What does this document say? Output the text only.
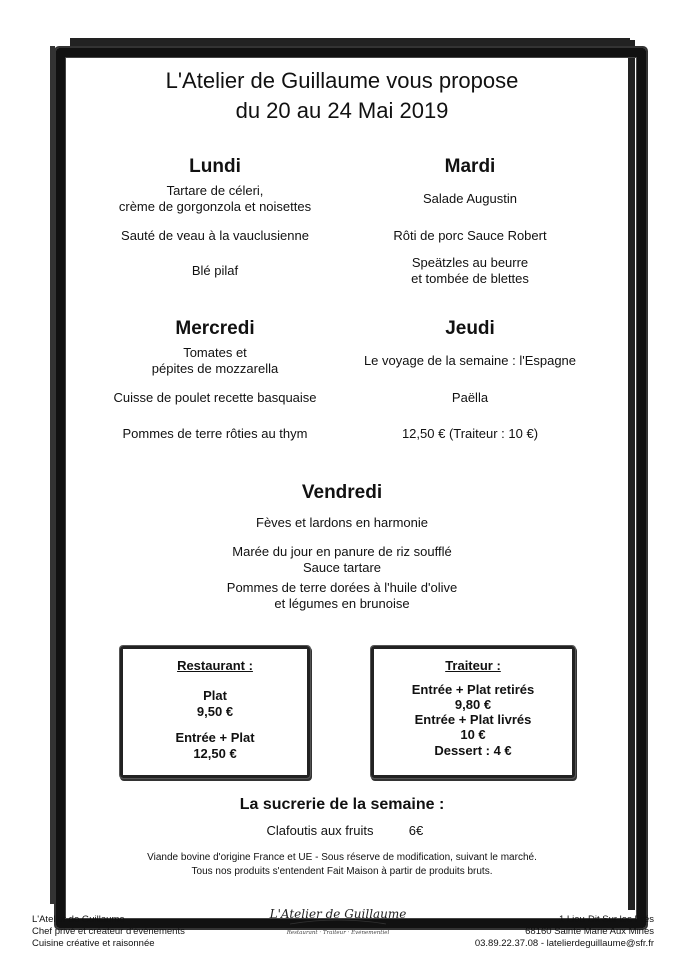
L'Atelier de Guillaume vous propose
du 20 au 24 Mai 2019
Lundi
Tartare de céleri,
crème de gorgonzola et noisettes
Sauté de veau à la vauclusienne
Blé pilaf
Mardi
Salade Augustin
Rôti de porc Sauce Robert
Speätzles au beurre
et tombée de blettes
Mercredi
Tomates et
pépites de mozzarella
Cuisse de poulet recette basquaise
Pommes de terre rôties au thym
Jeudi
Le voyage de la semaine : l'Espagne
Paëlla
12,50 € (Traiteur : 10 €)
Vendredi
Fèves et lardons en harmonie
Marée du jour en panure de riz soufflé
Sauce tartare
Pommes de terre dorées à l'huile d'olive
et légumes en brunoise
Restaurant :
Plat
9,50 €
Entrée + Plat
12,50 €
Traiteur :
Entrée + Plat retirés
9,80 €
Entrée + Plat livrés
10 €
Dessert : 4 €
La sucrerie de la semaine :
Clafoutis aux fruits	6€
Viande bovine d'origine France et UE - Sous réserve de modification, suivant le marché.
Tous nos produits s'entendent Fait Maison à partir de produits bruts.
L'Atelier de Guillaume
Chef privé et créateur d'événements
Cuisine créative et raisonnée
1 Lieu-Dit Sur les Prés
68160 Sainte Marie Aux Mines
03.89.22.37.08 - latelierdeguillaume@sfr.fr
L'Atelier de Guillaume
Restaurant · Traiteur · Événementiel
